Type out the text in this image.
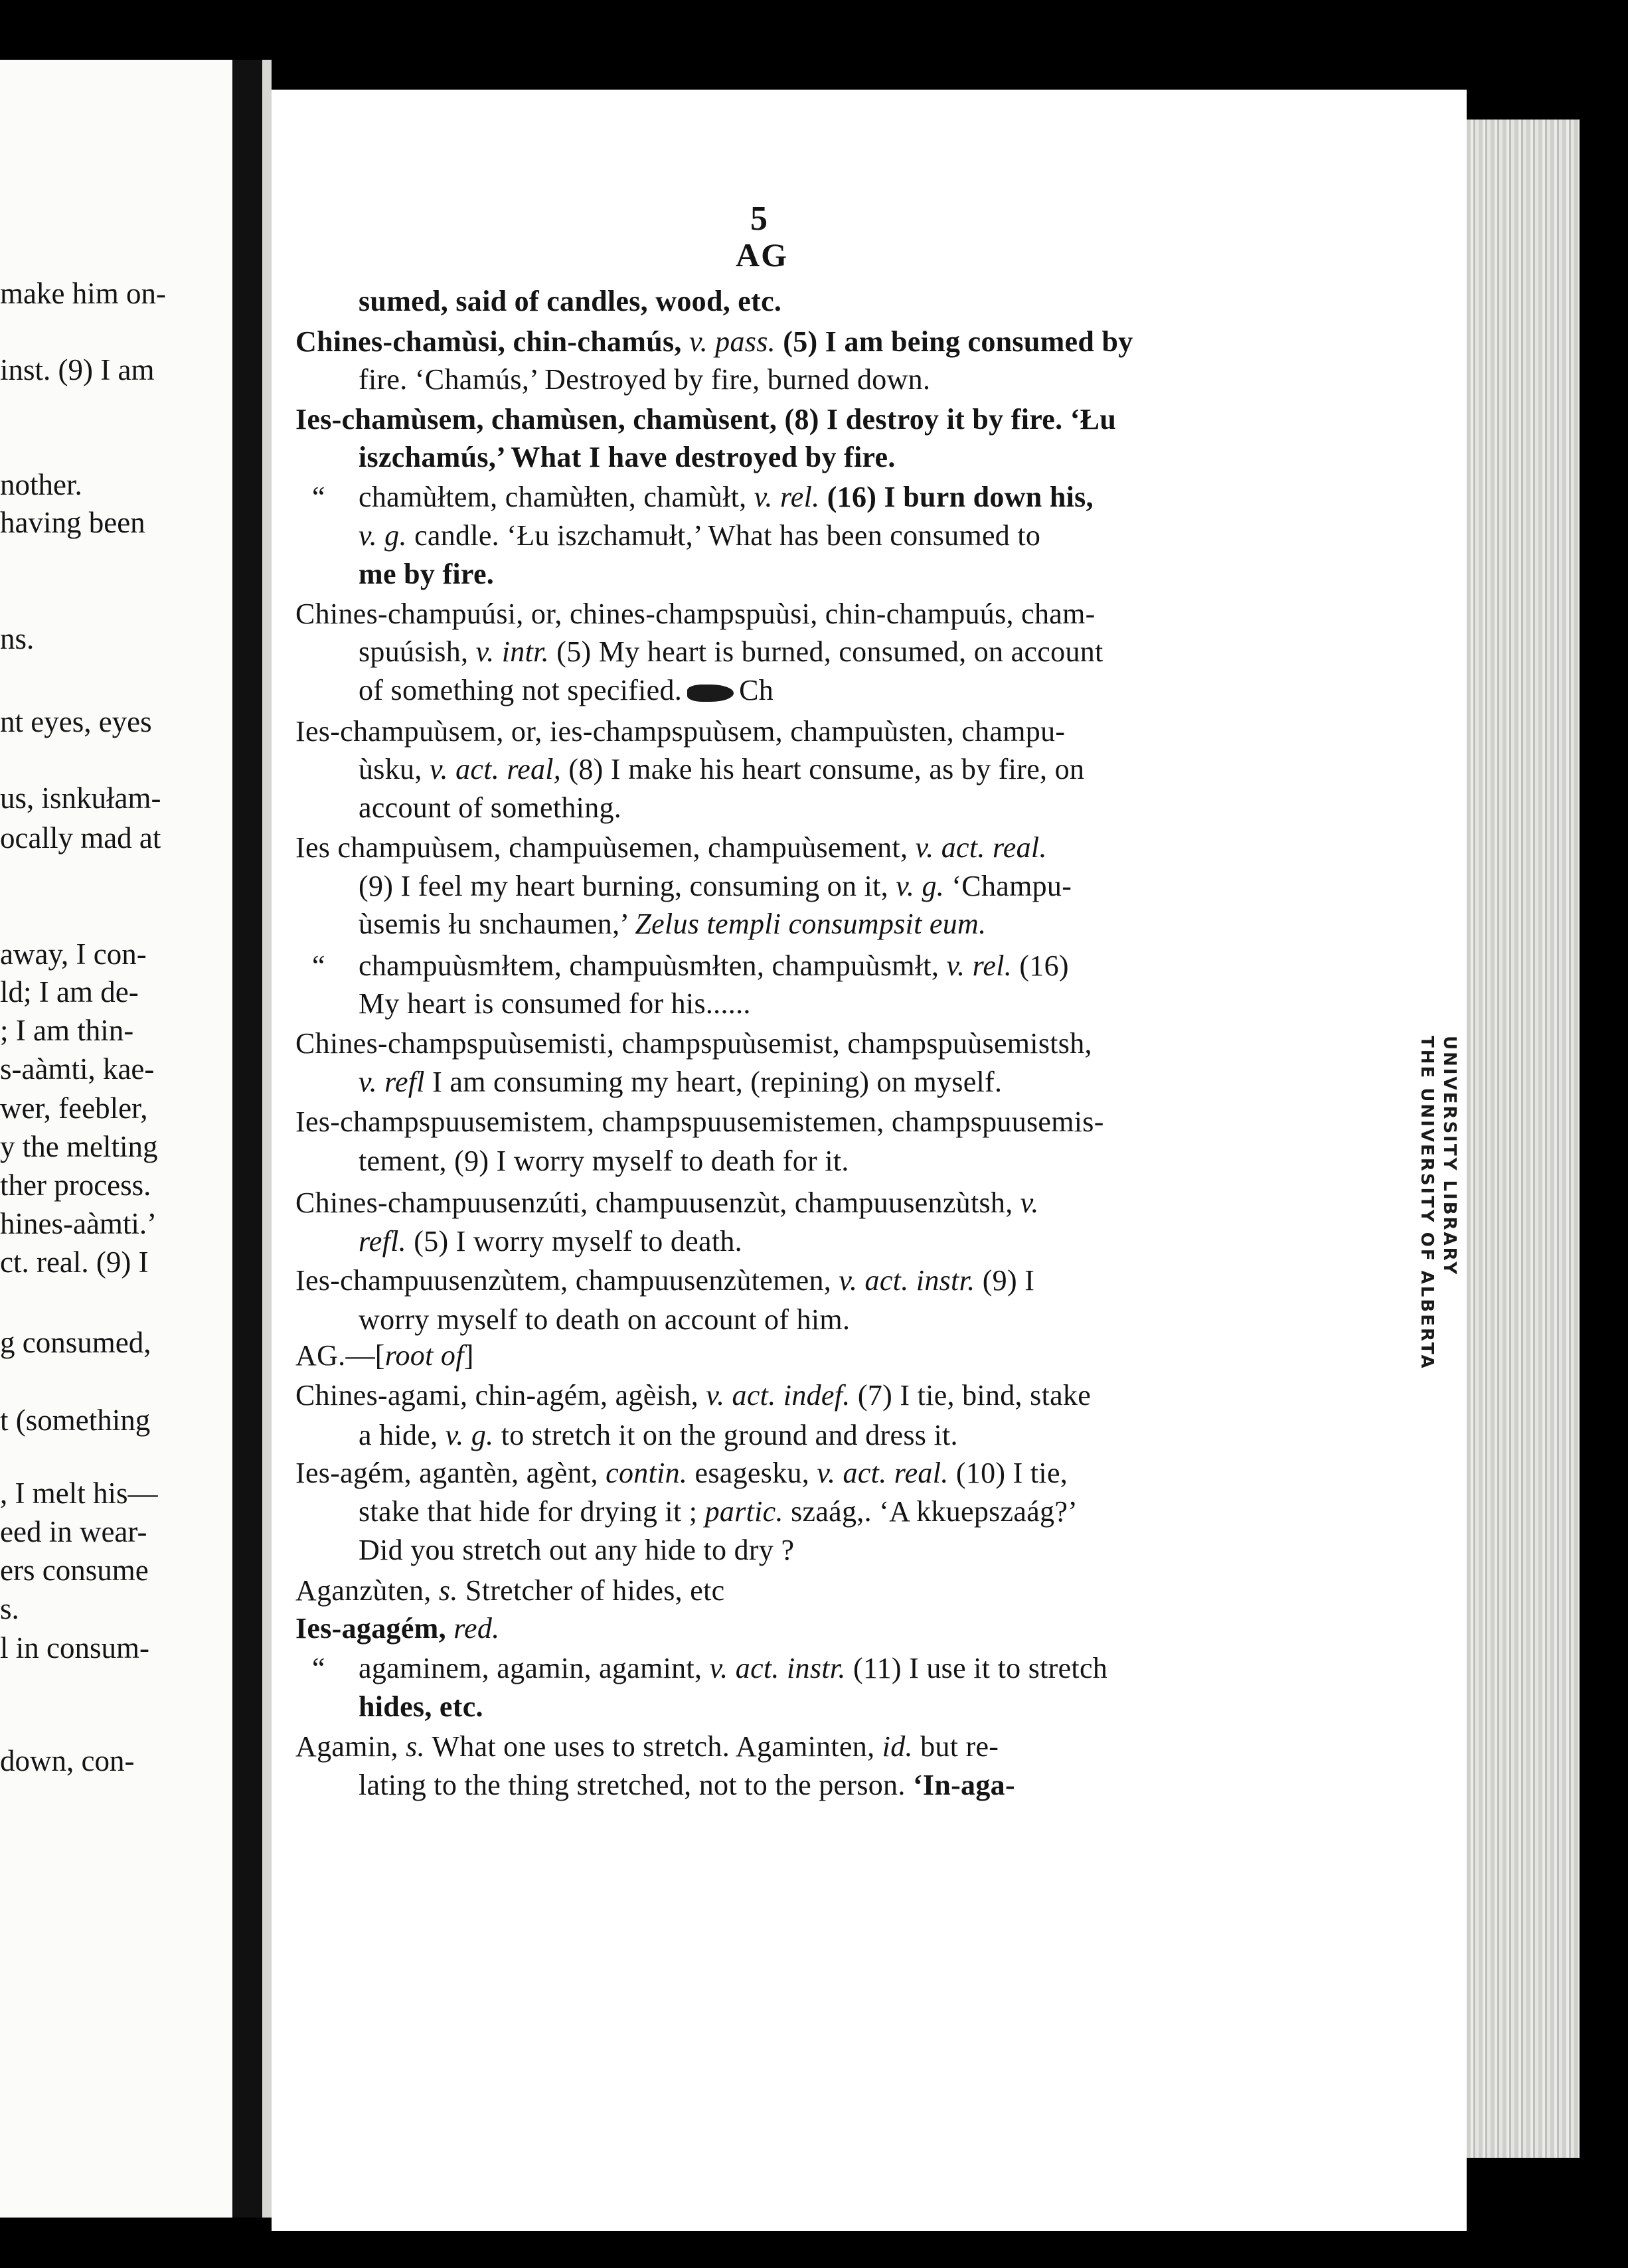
make him on-
inst. (9) I am
nother.
having been
ns.
nt eyes, eyes
us, isnkułam-
ocally mad at
away, I con-
ld; I am de-
; I am thin-
s-aàmti, kae-
wer, feebler,
y the melting
ther process.
hines-aàmti.’
ct. real. (9) I
g consumed,
t (something
, I melt his—
eed in wear-
ers consume
s.
l in consum-
down, con-
UNIVERSITY LIBRARY
THE UNIVERSITY OF ALBERTA
5
AG
sumed, said of candles, wood, etc.
Chines-chamùsi, chin-chamús, v. pass. (5) I am being consumed by
fire. ‘Chamús,’ Destroyed by fire, burned down.
Ies-chamùsem, chamùsen, chamùsent, (8) I destroy it by fire. ‘Łu
iszchamús,’ What I have destroyed by fire.
chamùłtem, chamùłten, chamùłt, v. rel. (16) I burn down his,
“
v. g. candle. ‘Łu iszchamułt,’ What has been consumed to
me by fire.
Chines-champuúsi, or, chines-champspuùsi, chin-champuús, cham-
spuúsish, v. intr. (5) My heart is burned, consumed, on account
of something not specified. Ch
Ies-champuùsem, or, ies-champspuùsem, champuùsten, champu-
ùsku, v. act. real, (8) I make his heart consume, as by fire, on
account of something.
Ies champuùsem, champuùsemen, champuùsement, v. act. real.
(9) I feel my heart burning, consuming on it, v. g. ‘Champu-
ùsemis łu snchaumen,’ Zelus templi consumpsit eum.
champuùsmłtem, champuùsmłten, champuùsmłt, v. rel. (16)
“
My heart is consumed for his......
Chines-champspuùsemisti, champspuùsemist, champspuùsemistsh,
v. refl I am consuming my heart, (repining) on myself.
Ies-champspuusemistem, champspuusemistemen, champspuusemis-
tement, (9) I worry myself to death for it.
Chines-champuusenzúti, champuusenzùt, champuusenzùtsh, v.
refl. (5) I worry myself to death.
Ies-champuusenzùtem, champuusenzùtemen, v. act. instr. (9) I
worry myself to death on account of him.
AG.—[root of]
Chines-agami, chin-agém, agèish, v. act. indef. (7) I tie, bind, stake
a hide, v. g. to stretch it on the ground and dress it.
Ies-agém, agantèn, agènt, contin. esagesku, v. act. real. (10) I tie,
stake that hide for drying it ; partic. szaág,. ‘A kkuepszaág?’
Did you stretch out any hide to dry ?
Aganzùten, s. Stretcher of hides, etc
Ies-agagém, red.
agaminem, agamin, agamint, v. act. instr. (11) I use it to stretch
“
hides, etc.
Agamin, s. What one uses to stretch. Agaminten, id. but re-
lating to the thing stretched, not to the person. ‘In-aga-
